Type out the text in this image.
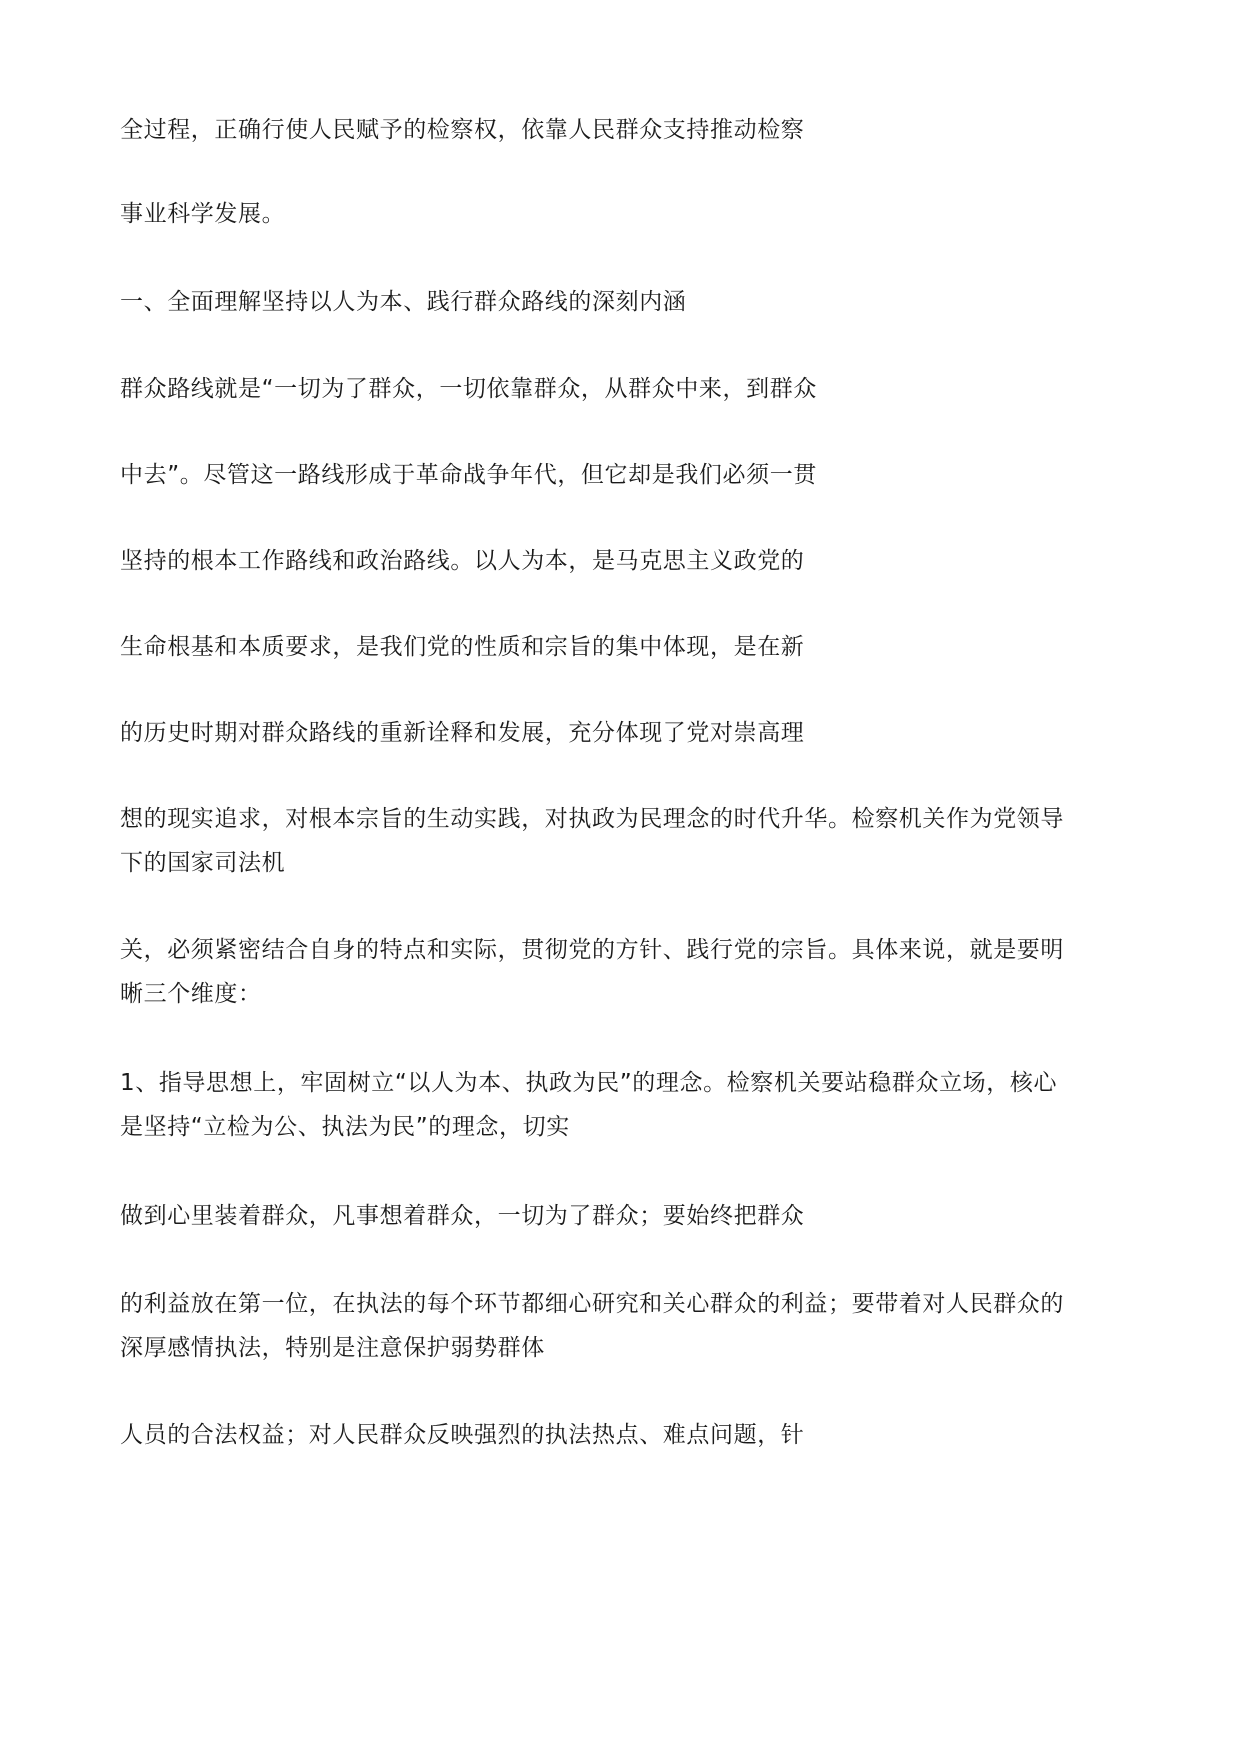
全过程，正确行使人民赋予的检察权，依靠人民群众支持推动检察
事业科学发展。
一、全面理解坚持以人为本、践行群众路线的深刻内涵
群众路线就是“一切为了群众，一切依靠群众，从群众中来，到群众
中去”。尽管这一路线形成于革命战争年代，但它却是我们必须一贯
坚持的根本工作路线和政治路线。以人为本，是马克思主义政党的
生命根基和本质要求，是我们党的性质和宗旨的集中体现，是在新
的历史时期对群众路线的重新诠释和发展，充分体现了党对崇高理
想的现实追求，对根本宗旨的生动实践，对执政为民理念的时代升华。检察机关作为党领导
下的国家司法机
关，必须紧密结合自身的特点和实际，贯彻党的方针、践行党的宗旨。具体来说，就是要明
晰三个维度：
1、指导思想上，牢固树立“以人为本、执政为民”的理念。检察机关要站稳群众立场，核心
是坚持“立检为公、执法为民”的理念，切实
做到心里装着群众，凡事想着群众，一切为了群众；要始终把群众
的利益放在第一位，在执法的每个环节都细心研究和关心群众的利益；要带着对人民群众的
深厚感情执法，特别是注意保护弱势群体
人员的合法权益；对人民群众反映强烈的执法热点、难点问题，针
